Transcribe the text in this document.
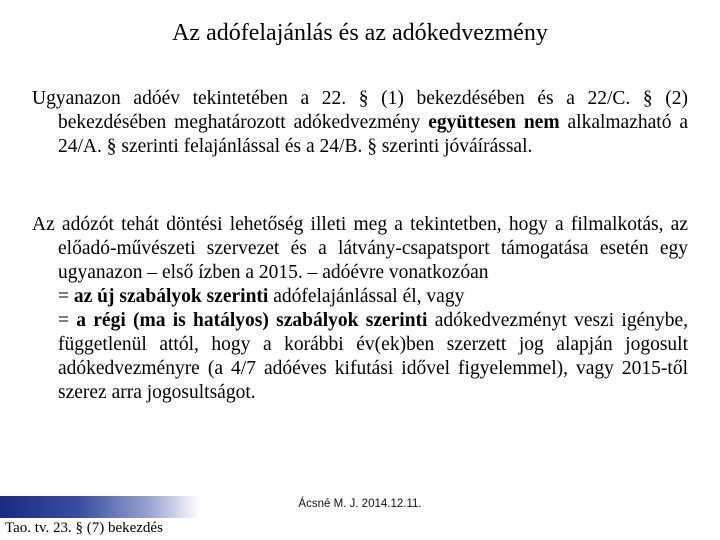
Az adófelajánlás és az adókedvezmény
Ugyanazon adóév tekintetében a 22. § (1) bekezdésében és a 22/C. § (2) bekezdésében meghatározott adókedvezmény együttesen nem alkalmazható a 24/A. § szerinti felajánlással és a 24/B. § szerinti jóváírással.
Az adózót tehát döntési lehetőség illeti meg a tekintetben, hogy a filmalkotás, az előadó-művészeti szervezet és a látvány-csapatsport támogatása esetén egy ugyanazon – első ízben a 2015. – adóévre vonatkozóan
= az új szabályok szerinti adófelajánlással él, vagy
= a régi (ma is hatályos) szabályok szerinti adókedvezményt veszi igénybe, függetlenül attól, hogy a korábbi év(ek)ben szerzett jog alapján jogosult adókedvezményre (a 4/7 adóéves kifutási idővel figyelemmel), vagy 2015-től szerez arra jogosultságot.
Ácsné M. J. 2014.12.11.
Tao. tv. 23. § (7) bekezdés
